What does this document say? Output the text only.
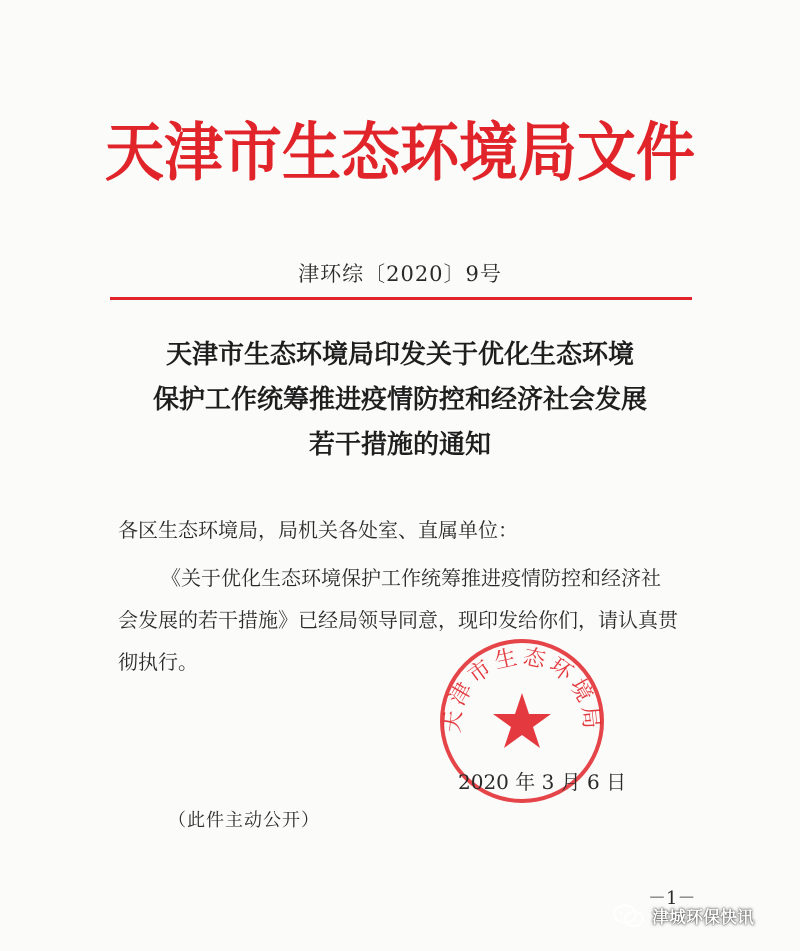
天津市生态环境局文件
津环综〔2020〕9号
天津市生态环境局印发关于优化生态环境
保护工作统筹推进疫情防控和经济社会发展
若干措施的通知
各区生态环境局，局机关各处室、直属单位：
《关于优化生态环境保护工作统筹推进疫情防控和经济社
会发展的若干措施》已经局领导同意，现印发给你们，请认真贯
彻执行。
天津市生态环境局
2020 年 3 月 6 日
（此件主动公开）
－1－
津城环保快讯
